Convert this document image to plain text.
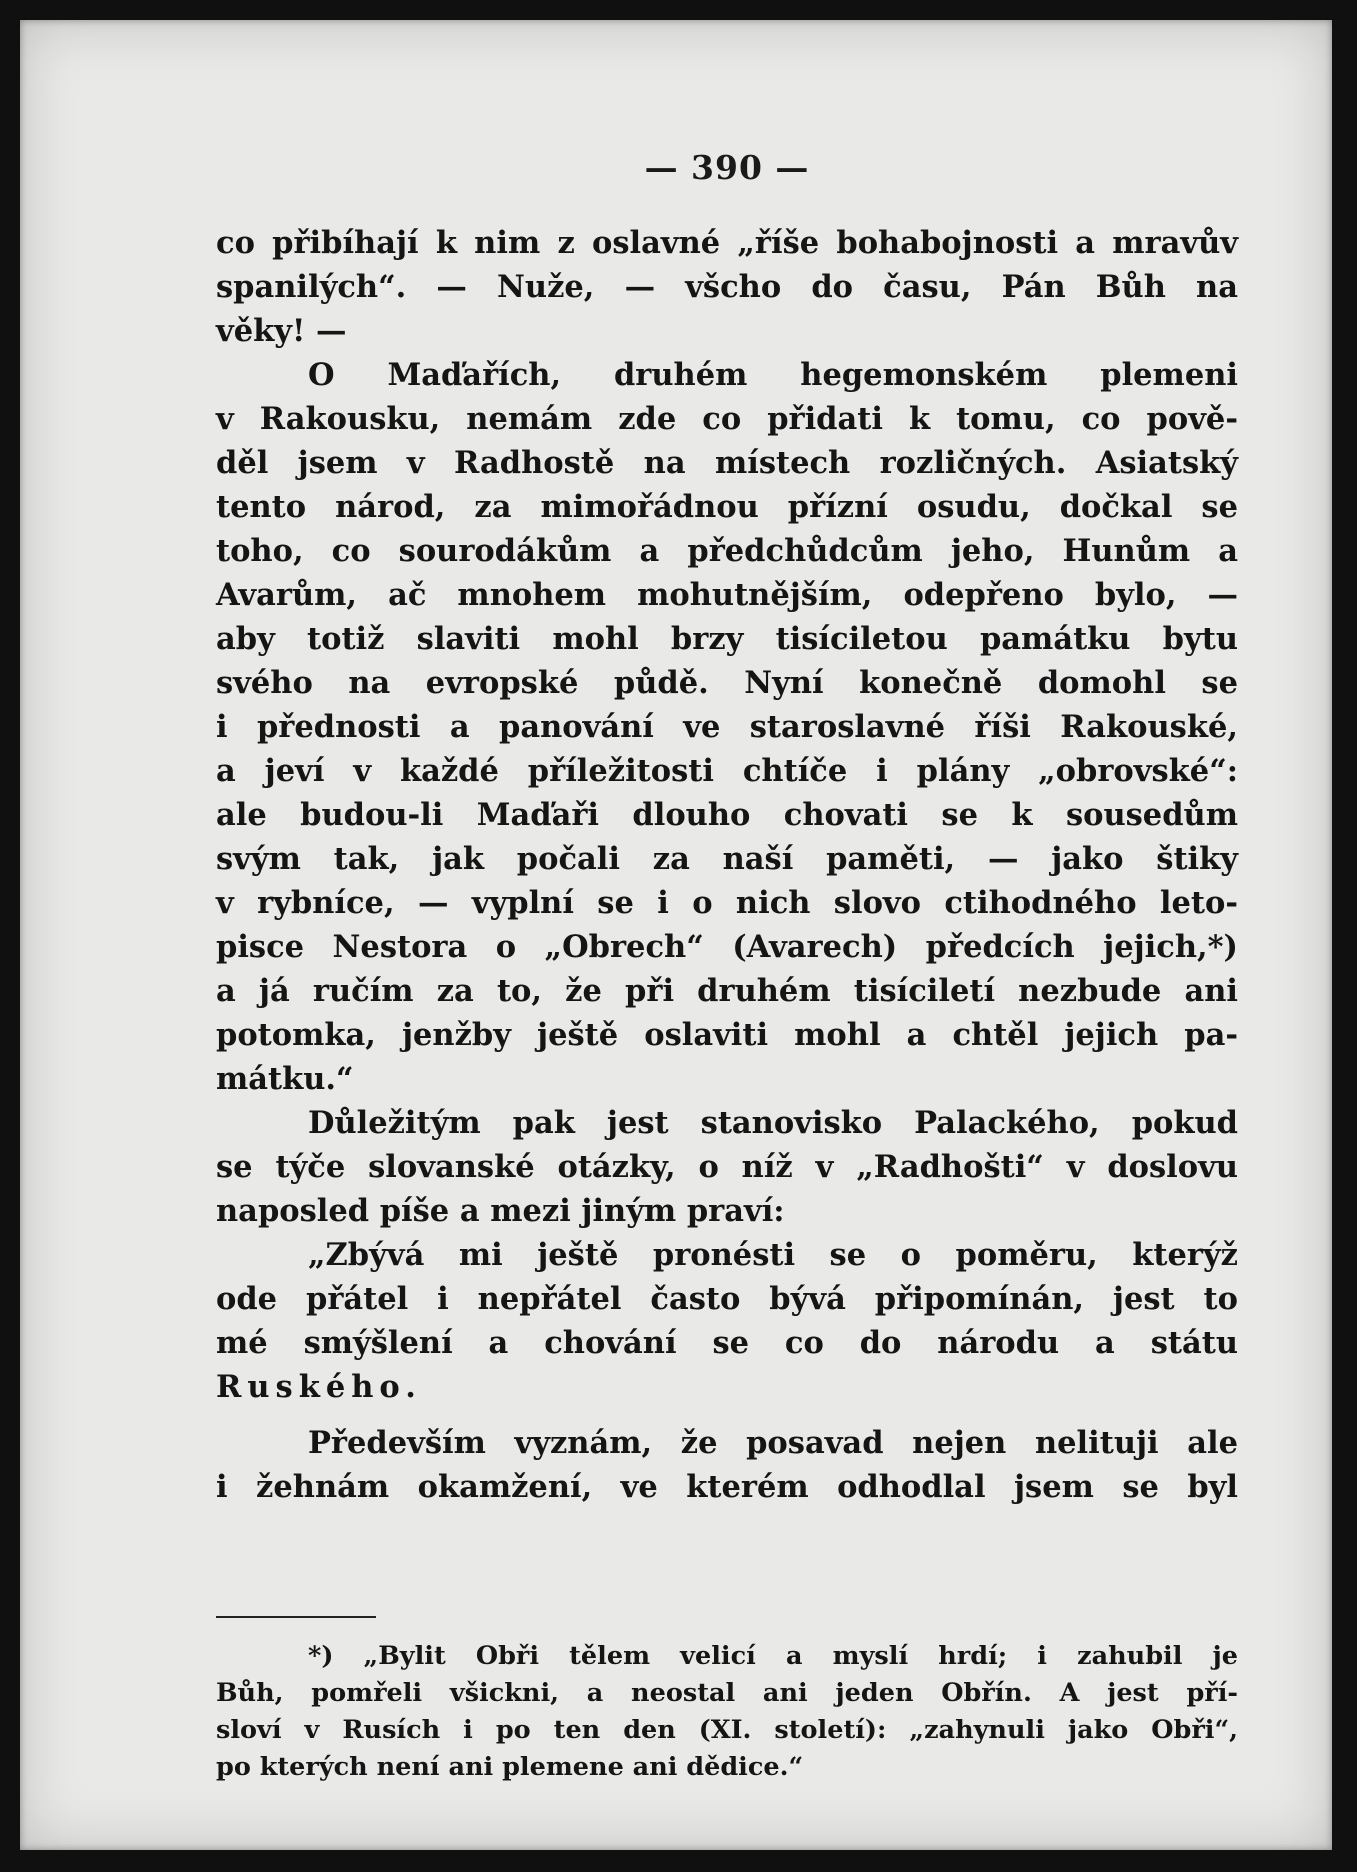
— 390 —
co přibíhají k nim z oslavné „říše bohabojnosti a mravův
spanilých“. — Nuže, — všcho do času, Pán Bůh na
věky! —
O Maďařích, druhém hegemonském plemeni
v Rakousku, nemám zde co přidati k tomu, co pově-
děl jsem v Radhostě na místech rozličných. Asiatský
tento národ, za mimořádnou přízní osudu, dočkal se
toho, co sourodákům a předchůdcům jeho, Hunům a
Avarům, ač mnohem mohutnějším, odepřeno bylo, —
aby totiž slaviti mohl brzy tisíciletou památku bytu
svého na evropské půdě. Nyní konečně domohl se
i přednosti a panování ve staroslavné říši Rakouské,
a jeví v každé příležitosti chtíče i plány „obrovské“:
ale budou-li Maďaři dlouho chovati se k sousedům
svým tak, jak počali za naší paměti, — jako štiky
v rybníce, — vyplní se i o nich slovo ctihodného leto-
pisce Nestora o „Obrech“ (Avarech) předcích jejich,*)
a já ručím za to, že při druhém tisíciletí nezbude ani
potomka, jenžby ještě oslaviti mohl a chtěl jejich pa-
mátku.“
Důležitým pak jest stanovisko Palackého, pokud
se týče slovanské otázky, o níž v „Radhošti“ v doslovu
naposled píše a mezi jiným praví:
„Zbývá mi ještě pronésti se o poměru, kterýž
ode přátel i nepřátel často bývá připomínán, jest to
mé smýšlení a chování se co do národu a státu
Ruského.
Především vyznám, že posavad nejen nelituji ale
i žehnám okamžení, ve kterém odhodlal jsem se byl
*) „Bylit Obři tělem velicí a myslí hrdí; i zahubil je
Bůh, pomřeli všickni, a neostal ani jeden Obřín. A jest pří-
sloví v Rusích i po ten den (XI. století): „zahynuli jako Obři“,
po kterých není ani plemene ani dědice.“
